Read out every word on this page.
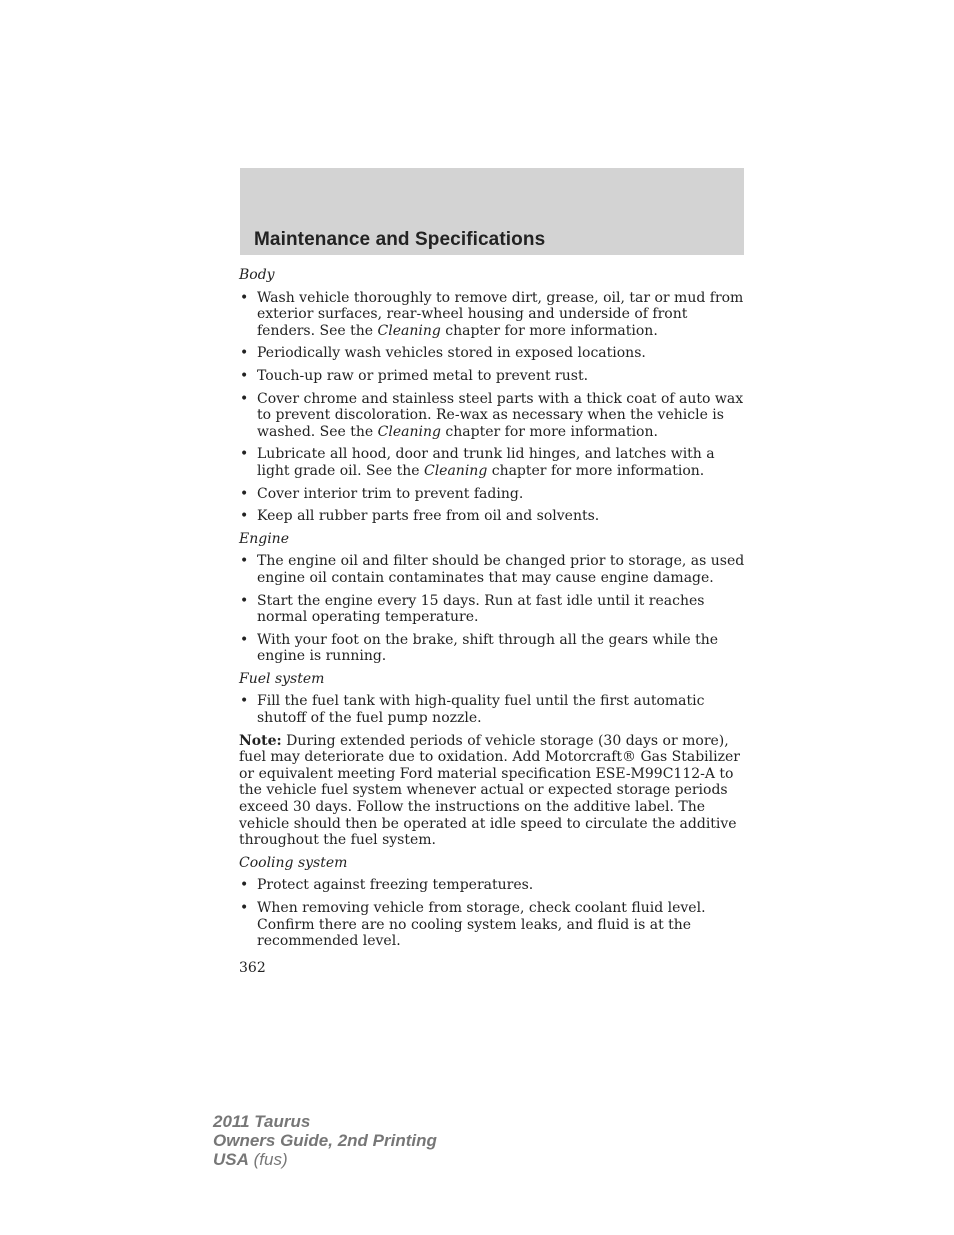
Maintenance and Specifications

Body

• Wash vehicle thoroughly to remove dirt, grease, oil, tar or mud from exterior surfaces, rear-wheel housing and underside of front fenders. See the Cleaning chapter for more information.
• Periodically wash vehicles stored in exposed locations.
• Touch-up raw or primed metal to prevent rust.
• Cover chrome and stainless steel parts with a thick coat of auto wax to prevent discoloration. Re-wax as necessary when the vehicle is washed. See the Cleaning chapter for more information.
• Lubricate all hood, door and trunk lid hinges, and latches with a light grade oil. See the Cleaning chapter for more information.
• Cover interior trim to prevent fading.
• Keep all rubber parts free from oil and solvents.

Engine

• The engine oil and filter should be changed prior to storage, as used engine oil contain contaminates that may cause engine damage.
• Start the engine every 15 days. Run at fast idle until it reaches normal operating temperature.
• With your foot on the brake, shift through all the gears while the engine is running.

Fuel system

• Fill the fuel tank with high-quality fuel until the first automatic shutoff of the fuel pump nozzle.

Note: During extended periods of vehicle storage (30 days or more), fuel may deteriorate due to oxidation. Add Motorcraft® Gas Stabilizer or equivalent meeting Ford material specification ESE-M99C112-A to the vehicle fuel system whenever actual or expected storage periods exceed 30 days. Follow the instructions on the additive label. The vehicle should then be operated at idle speed to circulate the additive throughout the fuel system.

Cooling system

• Protect against freezing temperatures.
• When removing vehicle from storage, check coolant fluid level. Confirm there are no cooling system leaks, and fluid is at the recommended level.
362
2011 Taurus
Owners Guide, 2nd Printing
USA (fus)
